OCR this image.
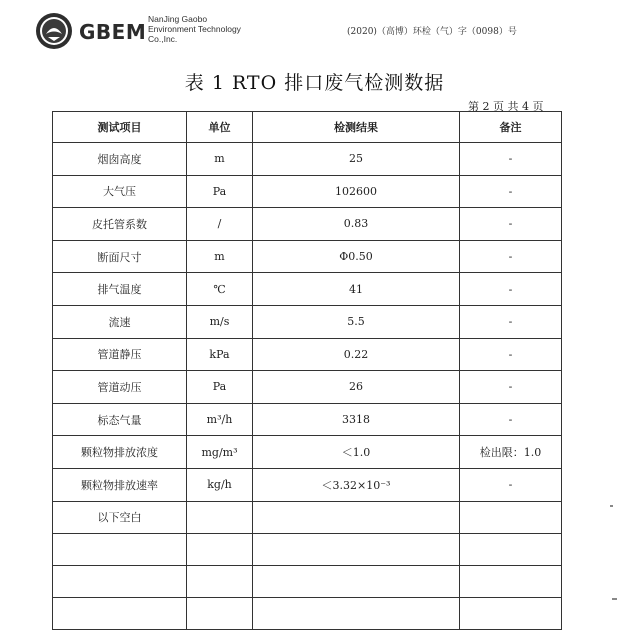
GBEM
NanJing Gaobo
Environment Technology
Co.,Inc.
(2020)（高博）环检（气）字（0098）号
表 1 RTO 排口废气检测数据
第 2 页 共 4 页
测试项目	单位	检测结果	备注
烟囱高度	m	25	-
大气压	Pa	102600	-
皮托管系数	/	0.83	-
断面尺寸	m	Φ0.50	-
排气温度	℃	41	-
流速	m/s	5.5	-
管道静压	kPa	0.22	-
管道动压	Pa	26	-
标态气量	m³/h	3318	-
颗粒物排放浓度	mg/m³	＜1.0	检出限：1.0
颗粒物排放速率	kg/h	＜3.32×10⁻³	-
以下空白			
